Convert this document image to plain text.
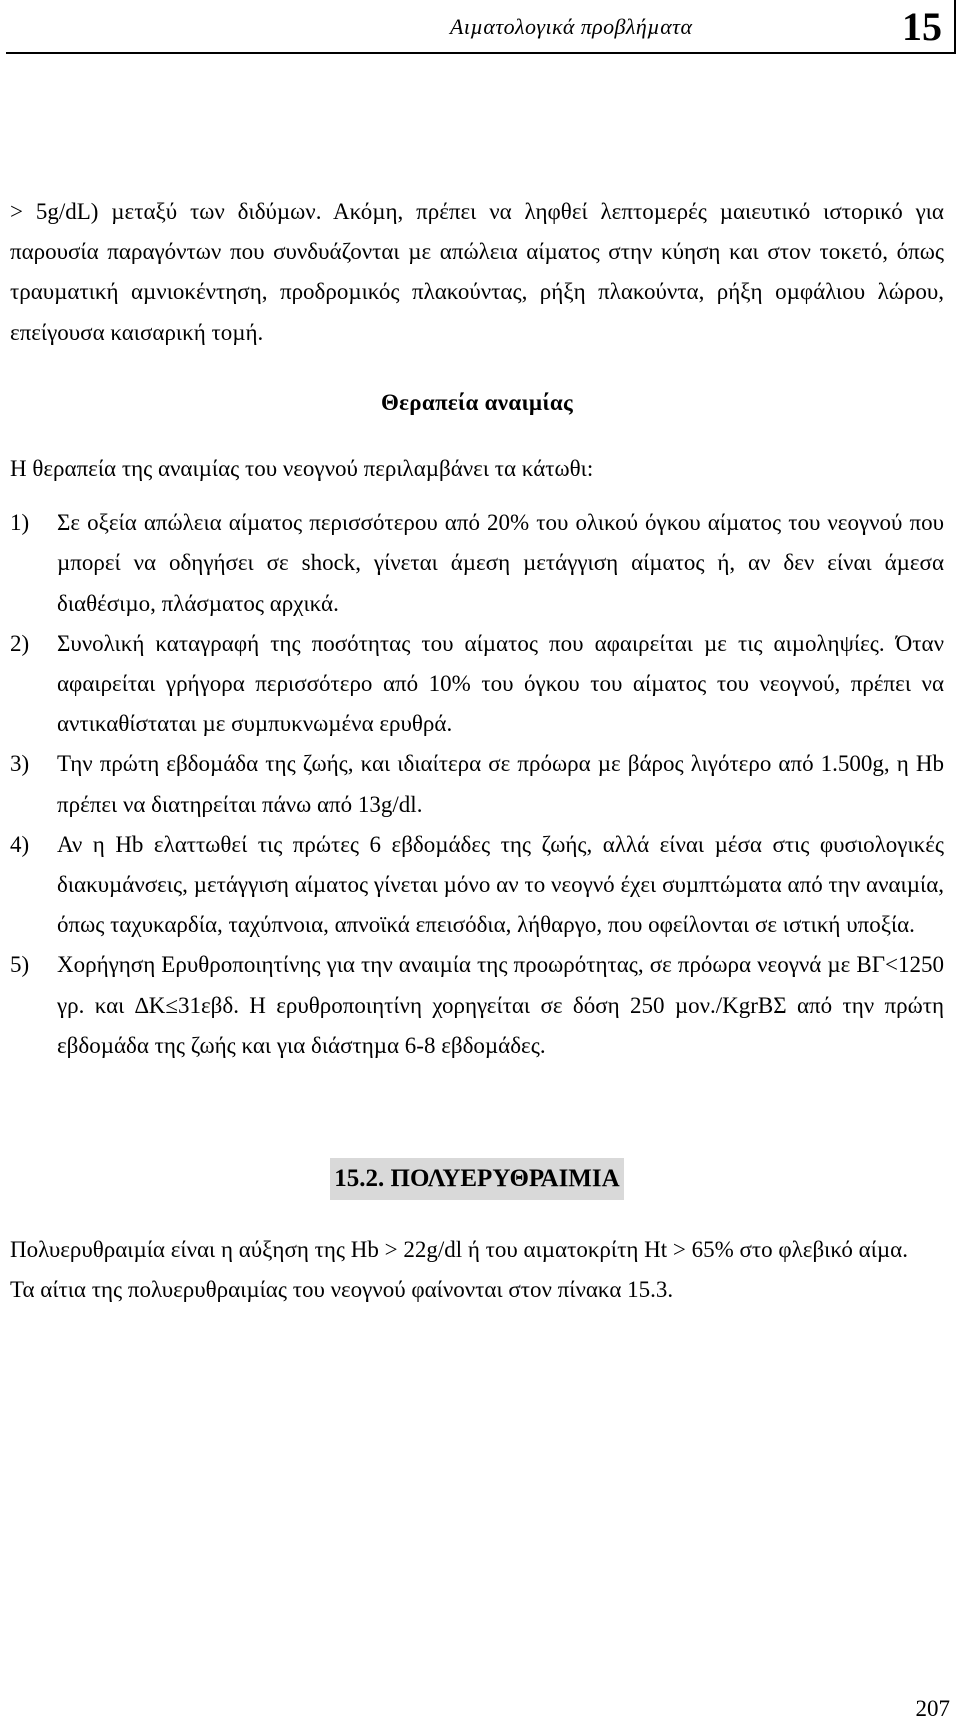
Αιµατολογικά προβλήµατα	15

> 5g/dL) µεταξύ των διδύµων. Ακόµη, πρέπει να ληφθεί λεπτοµερές µαιευτικό ιστορικό για παρουσία παραγόντων που συνδυάζονται µε απώλεια αίµατος στην κύηση και στον τοκετό, όπως τραυµατική αµνιοκέντηση, προδροµικός πλακούντας, ρήξη πλακούντα, ρήξη οµφάλιου λώρου, επείγουσα καισαρική τοµή.

Θεραπεία αναιµίας

Η θεραπεία της αναιµίας του νεογνού περιλαµβάνει τα κάτωθι:

1) Σε οξεία απώλεια αίµατος περισσότερου από 20% του ολικού όγκου αίµατος του νεογνού που µπορεί να οδηγήσει σε shock, γίνεται άµεση µετάγγιση αίµατος ή, αν δεν είναι άµεσα διαθέσιµο, πλάσµατος αρχικά.
2) Συνολική καταγραφή της ποσότητας του αίµατος που αφαιρείται µε τις αιµοληψίες. Όταν αφαιρείται γρήγορα περισσότερο από 10% του όγκου του αίµατος του νεογνού, πρέπει να αντικαθίσταται µε συµπυκνωµένα ερυθρά.
3) Την πρώτη εβδοµάδα της ζωής, και ιδιαίτερα σε πρόωρα µε βάρος λιγότερο από 1.500g, η Hb πρέπει να διατηρείται πάνω από 13g/dl.
4) Αν η Hb ελαττωθεί τις πρώτες 6 εβδοµάδες της ζωής, αλλά είναι µέσα στις φυσιολογικές διακυµάνσεις, µετάγγιση αίµατος γίνεται µόνο αν το νεογνό έχει συµπτώµατα από την αναιµία, όπως ταχυκαρδία, ταχύπνοια, απνοϊκά επεισόδια, λήθαργο, που οφείλονται σε ιστική υποξία.
5) Χορήγηση Ερυθροποιητίνης για την αναιµία της προωρότητας, σε πρόωρα νεογνά µε ΒΓ<1250 γρ. και ∆Κ≤31εβδ. Η ερυθροποιητίνη χορηγείται σε δόση 250 µον./KgrBΣ από την πρώτη εβδοµάδα της ζωής και για διάστηµα 6-8 εβδοµάδες.
15.2. ΠΟΛΥΕΡΥΘΡΑΙΜΙΑ

Πολυερυθραιµία είναι η αύξηση της Hb > 22g/dl ή του αιµατοκρίτη Ht > 65% στο φλεβικό αίµα.

Τα αίτια της πολυερυθραιµίας του νεογνού φαίνονται στον πίνακα 15.3.

207
